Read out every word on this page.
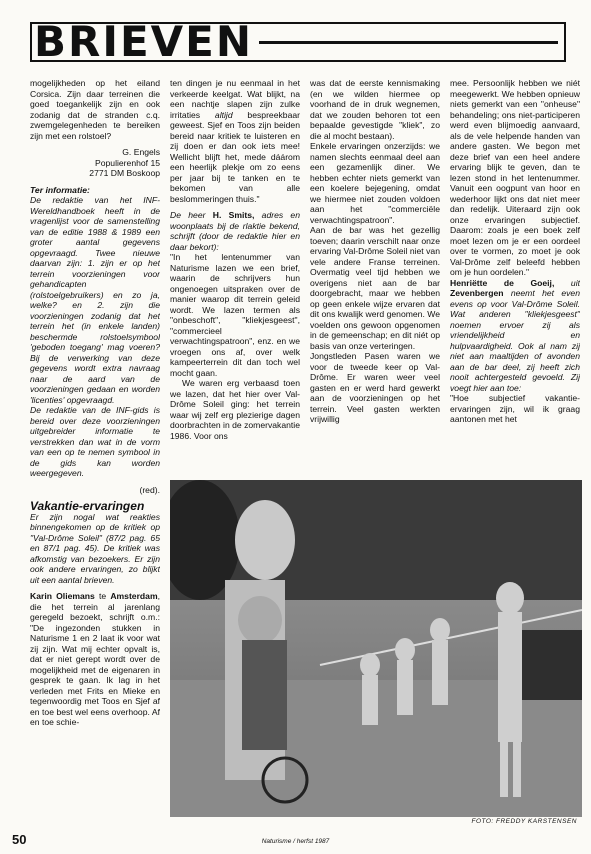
BRIEVEN

mogelijkheden op het eiland Corsica. Zijn daar terreinen die goed toegankelijk zijn en ook zodanig dat de stranden c.q. zwemgelegenheden te bereiken zijn met een rolstoel?

G. Engels

Populierenhof 15

2771 DM Boskoop

Ter informatie:

De redaktie van het INF-Wereldhandboek heeft in de vragenlijst voor de samenstelling van de editie 1988 & 1989 een groter aantal gegevens opgevraagd. Twee nieuwe daarvan zijn: 1. zijn er op het terrein voorzieningen voor gehandicapten (rolstoelgebruikers) en zo ja, welke? en 2. zijn die voorzieningen zodanig dat het terrein het (in enkele landen) beschermde rolstoelsymbool 'geboden toegang' mag voeren? Bij de verwerking van deze gegevens wordt extra navraag naar de aard van de voorzieningen gedaan en worden 'licenties' opgevraagd.

De redaktie van de INF-gids is bereid over deze voorzieningen uitgebreider informatie te verstrekken dan wat in de vorm van een op te nemen symbool in de gids kan worden weergegeven.

(red).

Vakantie-ervaringen

Er zijn nogal wat reakties binnengekomen op de kritiek op "Val-Drôme Soleil" (87/2 pag. 65 en 87/1 pag. 45). De kritiek was afkomstig van bezoekers. Er zijn ook andere ervaringen, zo blijkt uit een aantal brieven.

Karin Oliemans te Amsterdam, die het terrein al jarenlang geregeld bezoekt, schrijft o.m.: "De ingezonden stukken in Naturisme 1 en 2 laat ik voor wat zij zijn. Wat mij echter opvalt is, dat er niet gerept wordt over de mogelijkheid met de eigenaren in gesprek te gaan. Ik lag in het verleden met Frits en Mieke en tegenwoordig met Toos en Sjef af en toe best wel eens overhoop. Af en toe schie-

ten dingen je nu eenmaal in het verkeerde keelgat. Wat blijkt, na een nachtje slapen zijn zulke irritaties altijd bespreekbaar geweest. Sjef en Toos zijn beiden bereid naar kritiek te luisteren en zij doen er dan ook iets mee! Wellicht blijft het, mede dáárom een heerlijk plekje om zo eens per jaar bij te tanken en te bekomen van alle beslommeringen thuis."

De heer H. Smits, adres en woonplaats bij de rlaktie bekend, schrijft (door de redaktie hier en daar bekort):

"In het lentenummer van Naturisme lazen we een brief, waarin de schrijvers hun ongenoegen uitspraken over de manier waarop dit terrein geleid wordt. We lazen termen als "onbeschoft", "kliekjesgeest", "commercieel verwachtingspatroon", enz. en we vroegen ons af, over welk kampeerterrein dit dan toch wel mocht gaan.

We waren erg verbaasd toen we lazen, dat het hier over Val-Drôme Soleil ging: het terrein waar wij zelf erg plezierige dagen doorbrachten in de zomervakantie 1986. Voor ons

was dat de eerste kennismaking (en we wilden hiermee op voorhand de in druk wegnemen, dat we zouden behoren tot een bepaalde gevestigde "kliek", zo die al mocht bestaan).

Enkele ervaringen onzerzijds: we namen slechts eenmaal deel aan een gezamenlijk diner. We hebben echter niets gemerkt van een koelere bejegening, omdat we hiermee niet zouden voldoen aan het "commerciële verwachtingspatroon".

Aan de bar was het gezellig toeven; daarin verschilt naar onze ervaring Val-Drôme Soleil niet van vele andere Franse terreinen. Overmatig veel tijd hebben we overigens niet aan de bar doorgebracht, maar we hebben op geen enkele wijze ervaren dat dit ons kwalijk werd genomen. We voelden ons gewoon opgenomen in de gemeenschap; en dit niét op basis van onze verteringen.

Jongstleden Pasen waren we voor de tweede keer op Val-Drôme. Er waren weer veel gasten en er werd hard gewerkt aan de voorzieningen op het terrein. Veel gasten werkten vrijwillig

mee. Persoonlijk hebben we niét meegewerkt. We hebben opnieuw niets gemerkt van een "onheuse" behandeling; ons niet-participeren werd even blijmoedig aanvaard, als de vele helpende handen van andere gasten. We begon met deze brief van een heel andere ervaring blijk te geven, dan te lezen stond in het lentenummer. Vanuit een oogpunt van hoor en wederhoor lijkt ons dat niet meer dan redelijk. Uiteraard zijn ook onze ervaringen subjectief. Daarom: zoals je een boek zelf moet lezen om je er een oordeel over te vormen, zo moet je ook Val-Drôme zelf beleefd hebben om je hun oordelen."

Henriëtte de Goeij, uit Zevenbergen neemt het even evens op voor Val-Drôme Soleil. Wat anderen "kliekjesgeest" noemen ervoer zij als vriendelijkheid en hulpvaardigheid. Ook al nam zij niet aan maaltijden of avonden aan de bar deel, zij heeft zich nooit achtergesteld gevoeld. Zij voegt hier aan toe:

"Hoe subjectief vakantie-ervaringen zijn, wil ik graag aantonen met het

FOTO: FREDDY KARSTENSEN
50	Naturisme / herfst 1987
